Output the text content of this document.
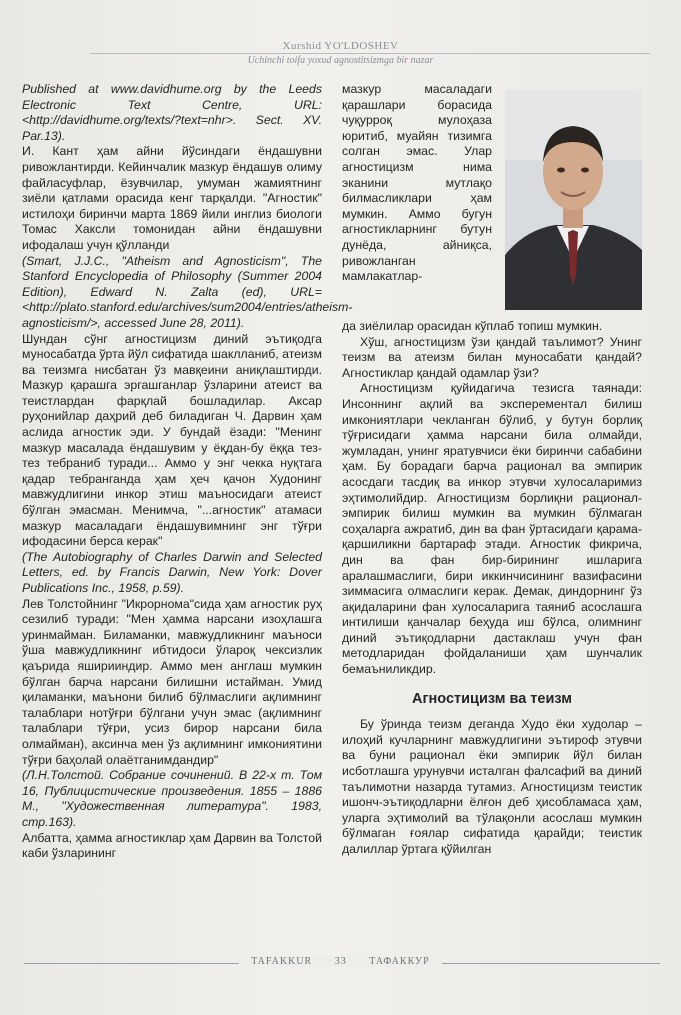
Xurshid YO'LDOSHEV
Uchinchi toifa yoxud agnostitsizmga bir nazar

Published at www.davidhume.org by the Leeds Electronic Text Centre, URL: <http://davidhume.org/texts/?text=nhr>. Sect. XV. Par.13).

И. Кант ҳам айни йўсиндаги ёндашувни ривожлантирди. Кейинчалик мазкур ёндашув олиму файласуфлар, ёзувчилар, умуман жамиятнинг зиёли қатлами орасида кенг тарқалди. "Агностик" истилоҳи биринчи марта 1869 йили инглиз биологи Томас Хаксли томонидан айни ёндашувни ифодалаш учун қўлланди

(Smart, J.J.C., "Atheism and Agnosticism", The Stanford Encyclopedia of Philosophy (Summer 2004 Edition), Edward N. Zalta (ed), URL=<http://plato.stanford.edu/archives/sum2004/entries/atheism-agnosticism/>, accessed June 28, 2011).

Шундан сўнг агностицизм диний эътиқодга муносабатда ўрта йўл сифатида шаклланиб, атеизм ва теизмга нисбатан ўз мавқеини аниқлаштирди. Мазкур қарашга эргашганлар ўзларини атеист ва теистлардан фарқлай бошладилар. Аксар руҳонийлар даҳрий деб биладиган Ч. Дарвин ҳам аслида агностик эди. У бундай ёзади: "Менинг мазкур масалада ёндашувим у ёқдан-бу ёққа тез-тез тебраниб туради... Аммо у энг чекка нуқтага қадар тебранганда ҳам ҳеч қачон Худонинг мавжудлигини инкор этиш маъносидаги атеист бўлган эмасман. Менимча, "...агностик" атамаси мазкур масаладаги ёндашувимнинг энг тўғри ифодасини берса керак"

(The Autobiography of Charles Darwin and Selected Letters, ed. by Francis Darwin, New York: Dover Publications Inc., 1958, p.59).

Лев Толстойнинг "Икрорнома"сида ҳам агностик руҳ сезилиб туради: "Мен ҳамма нарсани изоҳлашга уринмайман. Биламанки, мавжудликнинг маъноси ўша мавжудликнинг ибтидоси ўлароқ чексизлик қаърида яширииндир. Аммо мен англаш мумкин бўлган барча нарсани билишни истайман. Умид қиламанки, маънони билиб бўлмаслиги ақлимнинг талаблари нотўғри бўлгани учун эмас (ақлимнинг талаблари тўғри, усиз бирор нарсани била олмайман), аксинча мен ўз ақлимнинг имкониятини тўғри баҳолай олаётганимдандир"

(Л.Н.Толстой. Собрание сочинений. В 22-х т. Том 16, Публицистические произведения. 1855 – 1886 М., "Художественная литература". 1983, стр.163).

Албатта, ҳамма агностиклар ҳам Дарвин ва Толстой каби ўзларининг

мазкур масаладаги қарашлари борасида чуқурроқ мулоҳаза юритиб, муайян тизимга солган эмас. Улар агностицизм нима эканини мутлақо билмасликлари ҳам мумкин. Аммо бугун агностикларнинг бутун дунёда, айниқса, ривожланган мамлакатлар-

да зиёлилар орасидан кўплаб топиш мумкин.

Хўш, агностицизм ўзи қандай таълимот? Унинг теизм ва атеизм билан муносабати қандай? Агностиклар қандай одамлар ўзи?

Агностицизм қуйидагича тезисга таянади: Инсоннинг ақлий ва эксперементал билиш имкониятлари чекланган бўлиб, у бутун борлиқ тўғрисидаги ҳамма нарсани била олмайди, жумладан, унинг яратувчиси ёки биринчи сабабини ҳам. Бу борадаги барча рационал ва эмпирик асосдаги тасдиқ ва инкор этувчи хулосаларимиз эҳтимолийдир. Агностицизм борлиқни рационал-эмпирик билиш мумкин ва мумкин бўлмаган соҳаларга ажратиб, дин ва фан ўртасидаги қарама-қаршиликни бартараф этади. Агностик фикрича, дин ва фан бир-бирининг ишларига аралашмаслиги, бири иккинчисининг вазифасини зиммасига олмаслиги керак. Демак, диндорнинг ўз ақидаларини фан хулосаларига таяниб асослашга интилиши қанчалар беҳуда иш бўлса, олимнинг диний эътиқодларни дастаклаш учун фан методларидан фойдаланиши ҳам шунчалик бемаъниликдир.

Агностицизм ва теизм

Бу ўринда теизм деганда Худо ёки худолар – илоҳий кучларнинг мавжудлигини эътироф этувчи ва буни рационал ёки эмпирик йўл билан исботлашга урунувчи исталган фалсафий ва диний таълимотни назарда тутамиз. Агностицизм теистик ишонч-эътиқодларни ёлғон деб ҳисобламаса ҳам, уларга эҳтимолий ва тўлақонли асослаш мумкин бўлмаган ғоялар сифатида қарайди; теистик далиллар ўртага қўйилган

TAFAKKUR 33 ТАФАККУР
